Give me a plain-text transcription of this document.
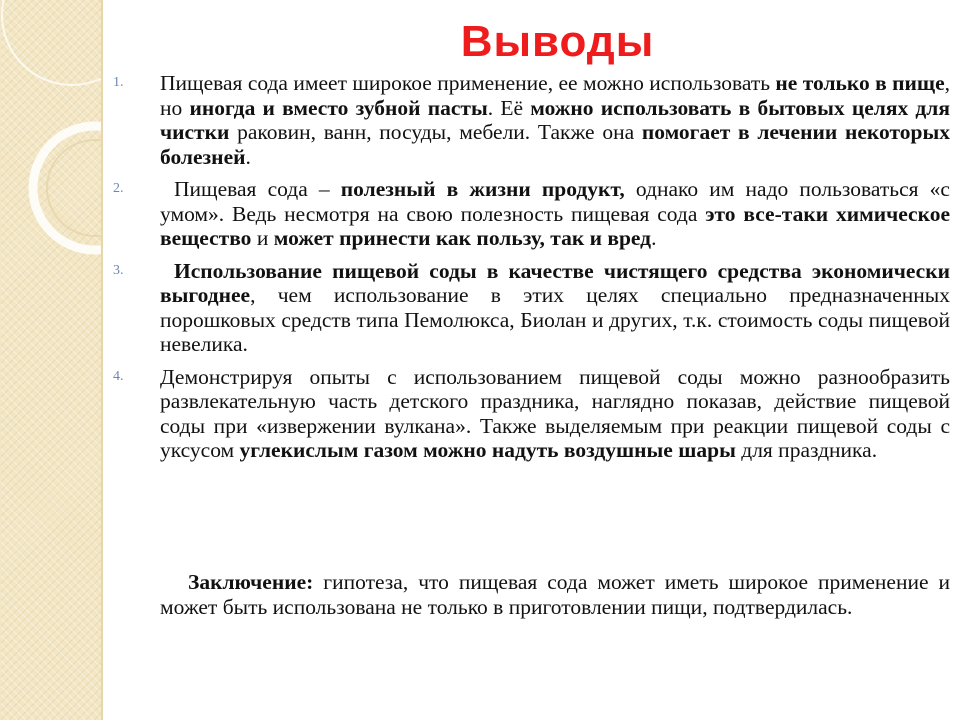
Выводы
1.	Пищевая сода имеет широкое применение, ее можно использовать не только в пище, но иногда и вместо зубной пасты. Её можно использовать в бытовых целях для чистки раковин, ванн, посуды, мебели. Также она помогает в лечении некоторых болезней.
2.	Пищевая сода – полезный в жизни продукт, однако им надо пользоваться «с умом». Ведь несмотря на свою полезность пищевая сода это все-таки химическое вещество и может принести как пользу, так и вред.
3.	Использование пищевой соды в качестве чистящего средства экономически выгоднее, чем использование в этих целях специально предназначенных порошковых средств типа Пемолюкса, Биолан и других, т.к. стоимость соды пищевой невелика.
4.	Демонстрируя опыты с использованием пищевой соды можно разнообразить развлекательную часть детского праздника, наглядно показав, действие пищевой соды при «извержении вулкана». Также выделяемым при реакции пищевой соды с уксусом углекислым газом можно надуть воздушные шары для праздника.

Заключение: гипотеза, что пищевая сода может иметь широкое применение и может быть использована не только в приготовлении пищи, подтвердилась.
